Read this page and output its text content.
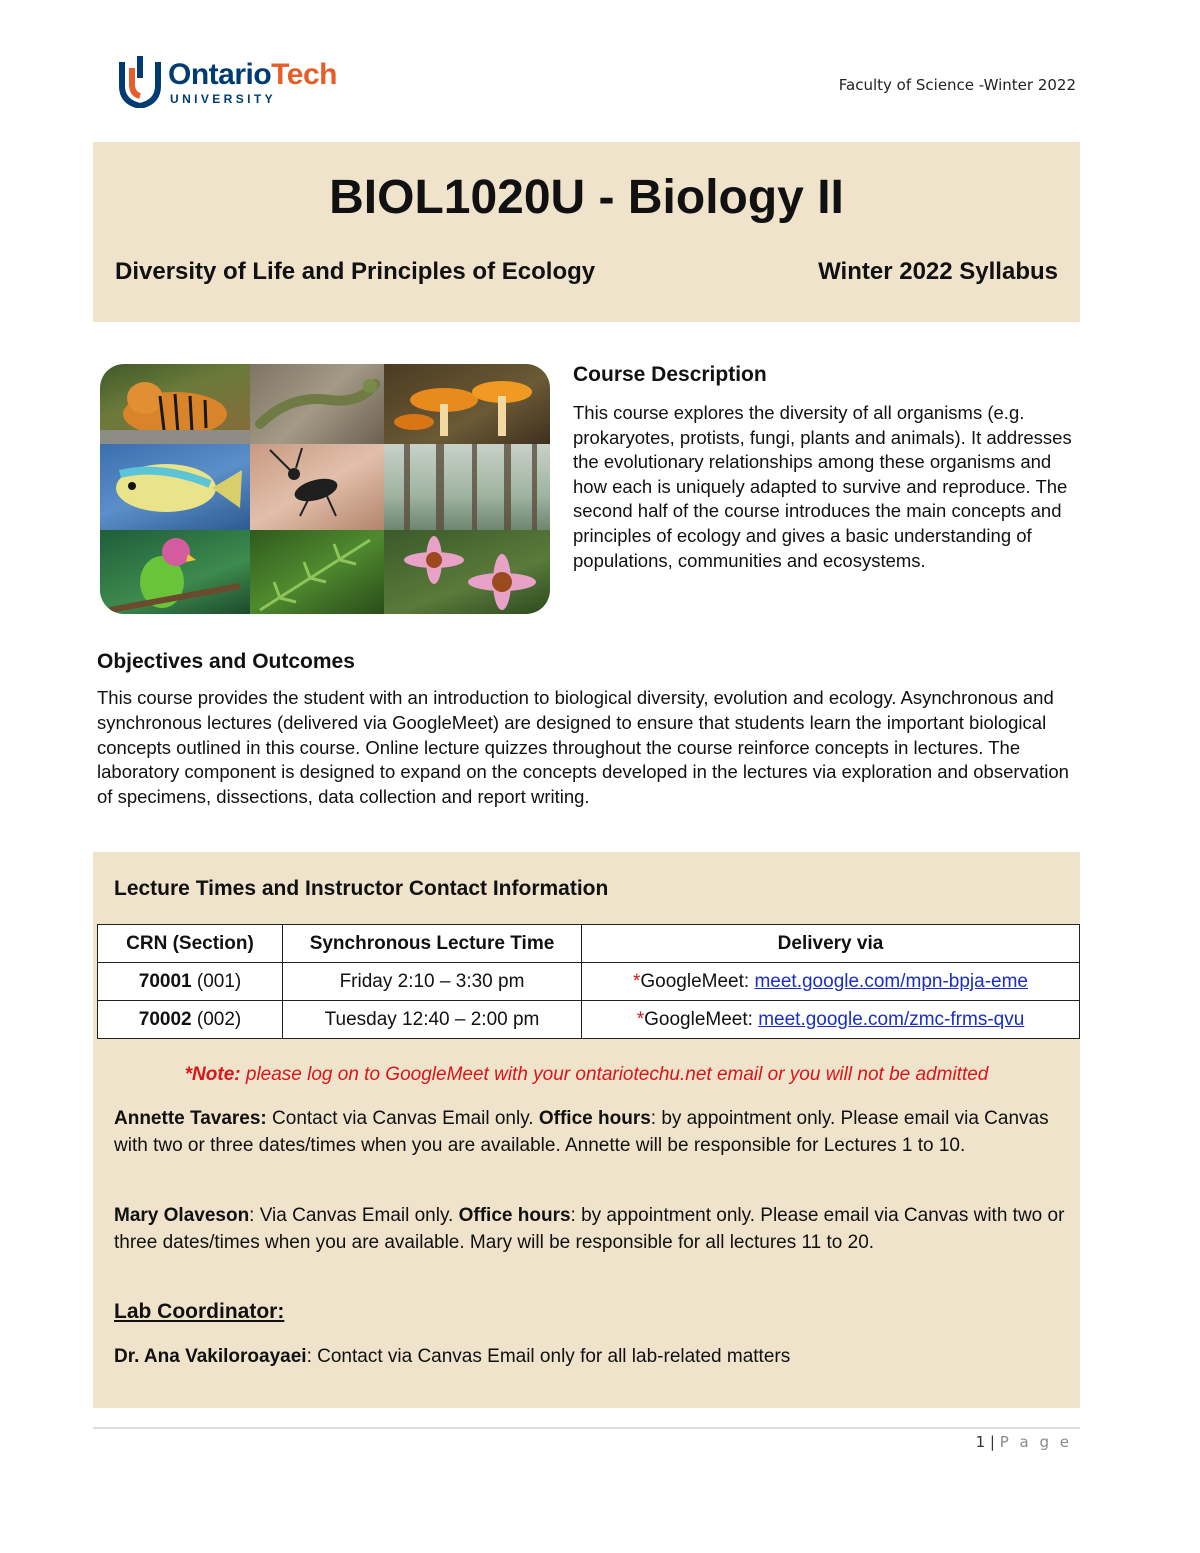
OntarioTech
UNIVERSITY
Faculty of Science -Winter 2022
BIOL1020U - Biology II
Diversity of Life and Principles of Ecology	Winter 2022 Syllabus
Course Description
This course explores the diversity of all organisms (e.g. prokaryotes, protists, fungi, plants and animals). It addresses the evolutionary relationships among these organisms and how each is uniquely adapted to survive and reproduce. The second half of the course introduces the main concepts and principles of ecology and gives a basic understanding of populations, communities and ecosystems.
Objectives and Outcomes
This course provides the student with an introduction to biological diversity, evolution and ecology. Asynchronous and synchronous lectures (delivered via GoogleMeet) are designed to ensure that students learn the important biological concepts outlined in this course. Online lecture quizzes throughout the course reinforce concepts in lectures. The laboratory component is designed to expand on the concepts developed in the lectures via exploration and observation of specimens, dissections, data collection and report writing.
Lecture Times and Instructor Contact Information
CRN (Section)	Synchronous Lecture Time	Delivery via
70001 (001)	Friday 2:10 – 3:30 pm	*GoogleMeet: meet.google.com/mpn-bpja-eme
70002 (002)	Tuesday 12:40 – 2:00 pm	*GoogleMeet: meet.google.com/zmc-frms-qvu
*Note: please log on to GoogleMeet with your ontariotechu.net email or you will not be admitted
Annette Tavares: Contact via Canvas Email only. Office hours: by appointment only. Please email via Canvas with two or three dates/times when you are available. Annette will be responsible for Lectures 1 to 10.
Mary Olaveson: Via Canvas Email only. Office hours: by appointment only. Please email via Canvas with two or three dates/times when you are available. Mary will be responsible for all lectures 11 to 20.
Lab Coordinator:
Dr. Ana Vakiloroayaei: Contact via Canvas Email only for all lab-related matters
1 | P a g e
